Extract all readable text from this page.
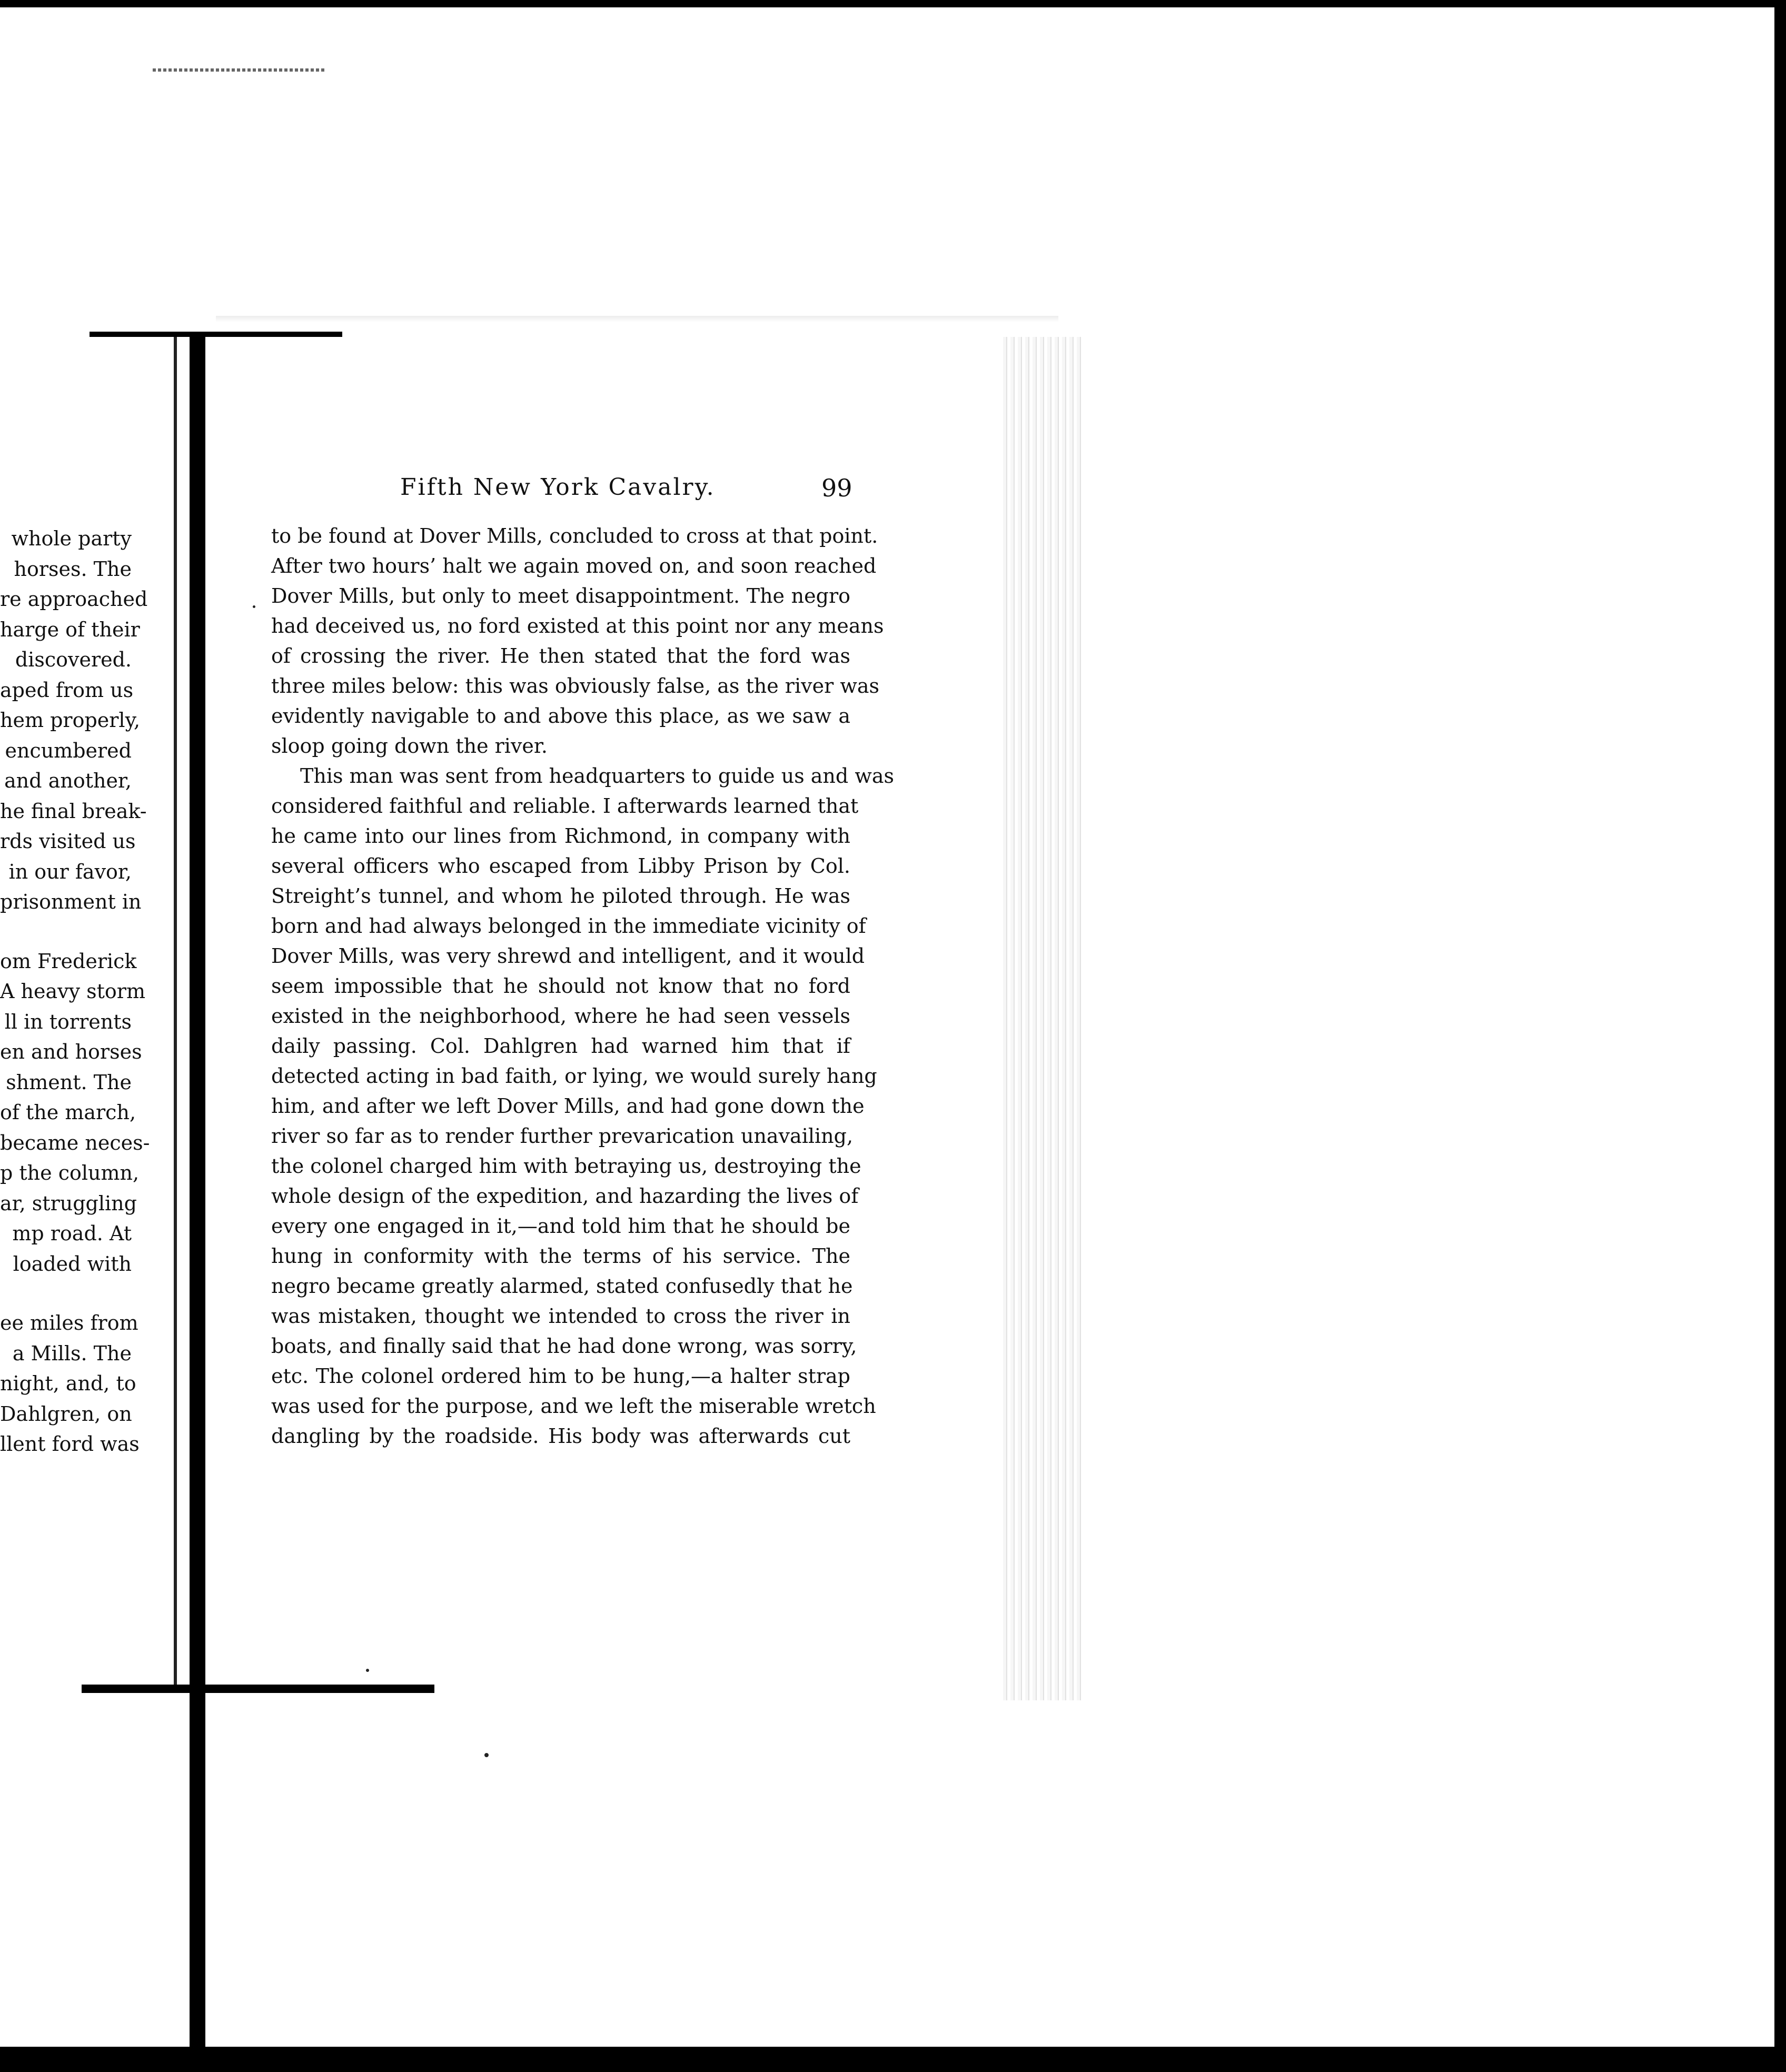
whole party
horses. The
re approached
harge of their
discovered.
aped from us
hem properly,
encumbered
and another,
he final break-
rds visited us
in our favor,
prisonment in
om Frederick
A heavy storm
ll in torrents
en and horses
shment. The
of the march,
became neces-
p the column,
ar, struggling
mp road. At
loaded with
ee miles from
a Mills. The
night, and, to
Dahlgren, on
llent ford was
Fifth New York Cavalry.	99
to be found at Dover Mills, concluded to cross at that point.
After two hours’ halt we again moved on, and soon reached
Dover Mills, but only to meet disappointment. The negro
had deceived us, no ford existed at this point nor any means
of crossing the river. He then stated that the ford was
three miles below: this was obviously false, as the river was
evidently navigable to and above this place, as we saw a
sloop going down the river.
This man was sent from headquarters to guide us and was
considered faithful and reliable. I afterwards learned that
he came into our lines from Richmond, in company with
several officers who escaped from Libby Prison by Col.
Streight’s tunnel, and whom he piloted through. He was
born and had always belonged in the immediate vicinity of
Dover Mills, was very shrewd and intelligent, and it would
seem impossible that he should not know that no ford
existed in the neighborhood, where he had seen vessels
daily passing. Col. Dahlgren had warned him that if
detected acting in bad faith, or lying, we would surely hang
him, and after we left Dover Mills, and had gone down the
river so far as to render further prevarication unavailing,
the colonel charged him with betraying us, destroying the
whole design of the expedition, and hazarding the lives of
every one engaged in it,—and told him that he should be
hung in conformity with the terms of his service. The
negro became greatly alarmed, stated confusedly that he
was mistaken, thought we intended to cross the river in
boats, and finally said that he had done wrong, was sorry,
etc. The colonel ordered him to be hung,—a halter strap
was used for the purpose, and we left the miserable wretch
dangling by the roadside. His body was afterwards cut
